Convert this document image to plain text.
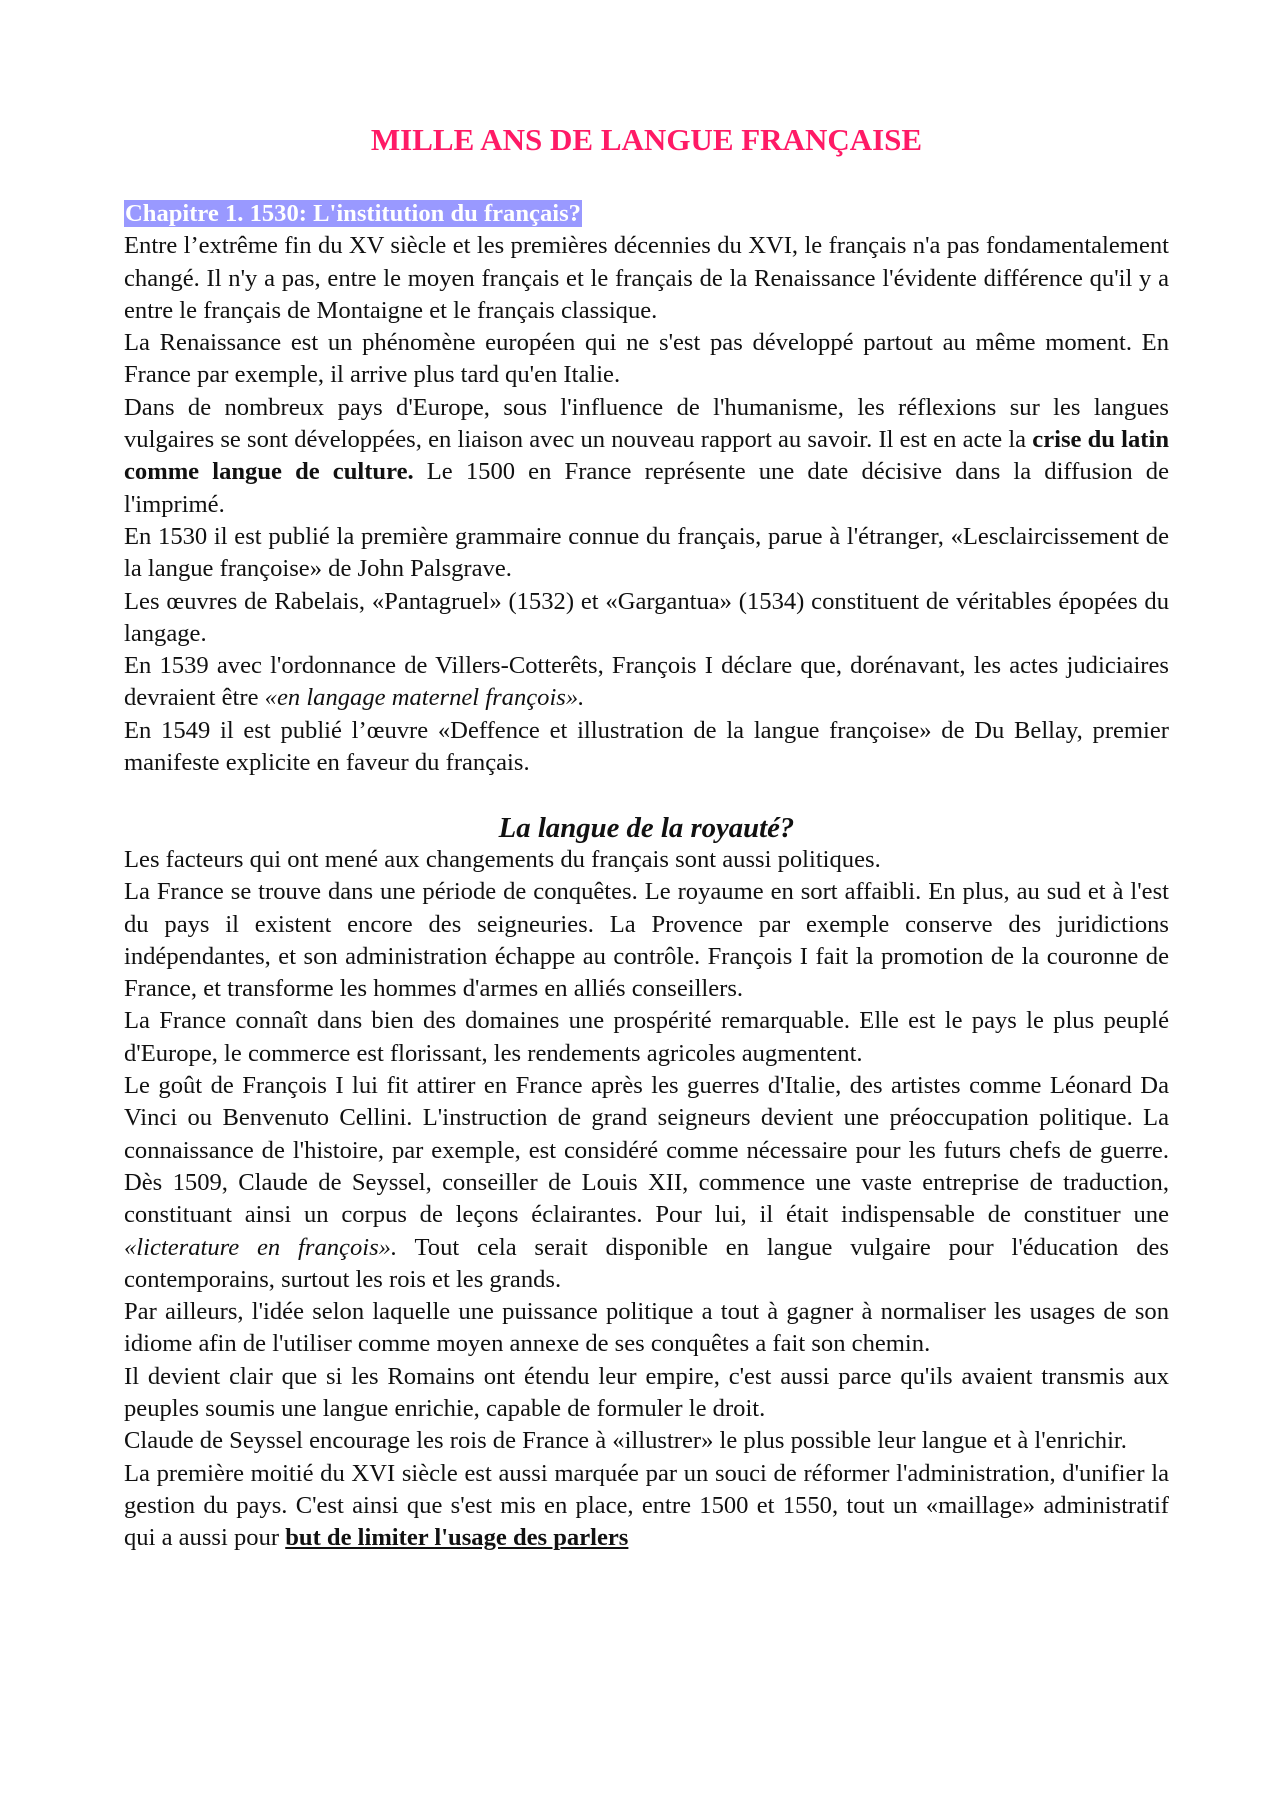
MILLE ANS DE LANGUE FRANÇAISE
Chapitre 1. 1530: L'institution du français?

Entre l’extrême fin du XV siècle et les premières décennies du XVI, le français n'a pas fondamentalement changé. Il n'y a pas, entre le moyen français et le français de la Renaissance l'évidente différence qu'il y a entre le français de Montaigne et le français classique.

La Renaissance est un phénomène européen qui ne s'est pas développé partout au même moment. En France par exemple, il arrive plus tard qu'en Italie.

Dans de nombreux pays d'Europe, sous l'influence de l'humanisme, les réflexions sur les langues vulgaires se sont développées, en liaison avec un nouveau rapport au savoir. Il est en acte la crise du latin comme langue de culture. Le 1500 en France représente une date décisive dans la diffusion de l'imprimé.

En 1530 il est publié la première grammaire connue du français, parue à l'étranger, «Lesclaircissement de la langue françoise» de John Palsgrave.

Les œuvres de Rabelais, «Pantagruel» (1532) et «Gargantua» (1534) constituent de véritables épopées du langage.

En 1539 avec l'ordonnance de Villers-Cotterêts, François I déclare que, dorénavant, les actes judiciaires devraient être «en langage maternel françois».

En 1549 il est publié l’œuvre «Deffence et illustration de la langue françoise» de Du Bellay, premier manifeste explicite en faveur du français.

La langue de la royauté?

Les facteurs qui ont mené aux changements du français sont aussi politiques.

La France se trouve dans une période de conquêtes. Le royaume en sort affaibli. En plus, au sud et à l'est du pays il existent encore des seigneuries. La Provence par exemple conserve des juridictions indépendantes, et son administration échappe au contrôle. François I fait la promotion de la couronne de France, et transforme les hommes d'armes en alliés conseillers.

La France connaît dans bien des domaines une prospérité remarquable. Elle est le pays le plus peuplé d'Europe, le commerce est florissant, les rendements agricoles augmentent.

Le goût de François I lui fit attirer en France après les guerres d'Italie, des artistes comme Léonard Da Vinci ou Benvenuto Cellini. L'instruction de grand seigneurs devient une préoccupation politique. La connaissance de l'histoire, par exemple, est considéré comme nécessaire pour les futurs chefs de guerre. Dès 1509, Claude de Seyssel, conseiller de Louis XII, commence une vaste entreprise de traduction, constituant ainsi un corpus de leçons éclairantes. Pour lui, il était indispensable de constituer une «licterature en françois». Tout cela serait disponible en langue vulgaire pour l'éducation des contemporains, surtout les rois et les grands.

Par ailleurs, l'idée selon laquelle une puissance politique a tout à gagner à normaliser les usages de son idiome afin de l'utiliser comme moyen annexe de ses conquêtes a fait son chemin.

Il devient clair que si les Romains ont étendu leur empire, c'est aussi parce qu'ils avaient transmis aux peuples soumis une langue enrichie, capable de formuler le droit.

Claude de Seyssel encourage les rois de France à «illustrer» le plus possible leur langue et à l'enrichir.

La première moitié du XVI siècle est aussi marquée par un souci de réformer l'administration, d'unifier la gestion du pays. C'est ainsi que s'est mis en place, entre 1500 et 1550, tout un «maillage» administratif qui a aussi pour but de limiter l'usage des parlers
